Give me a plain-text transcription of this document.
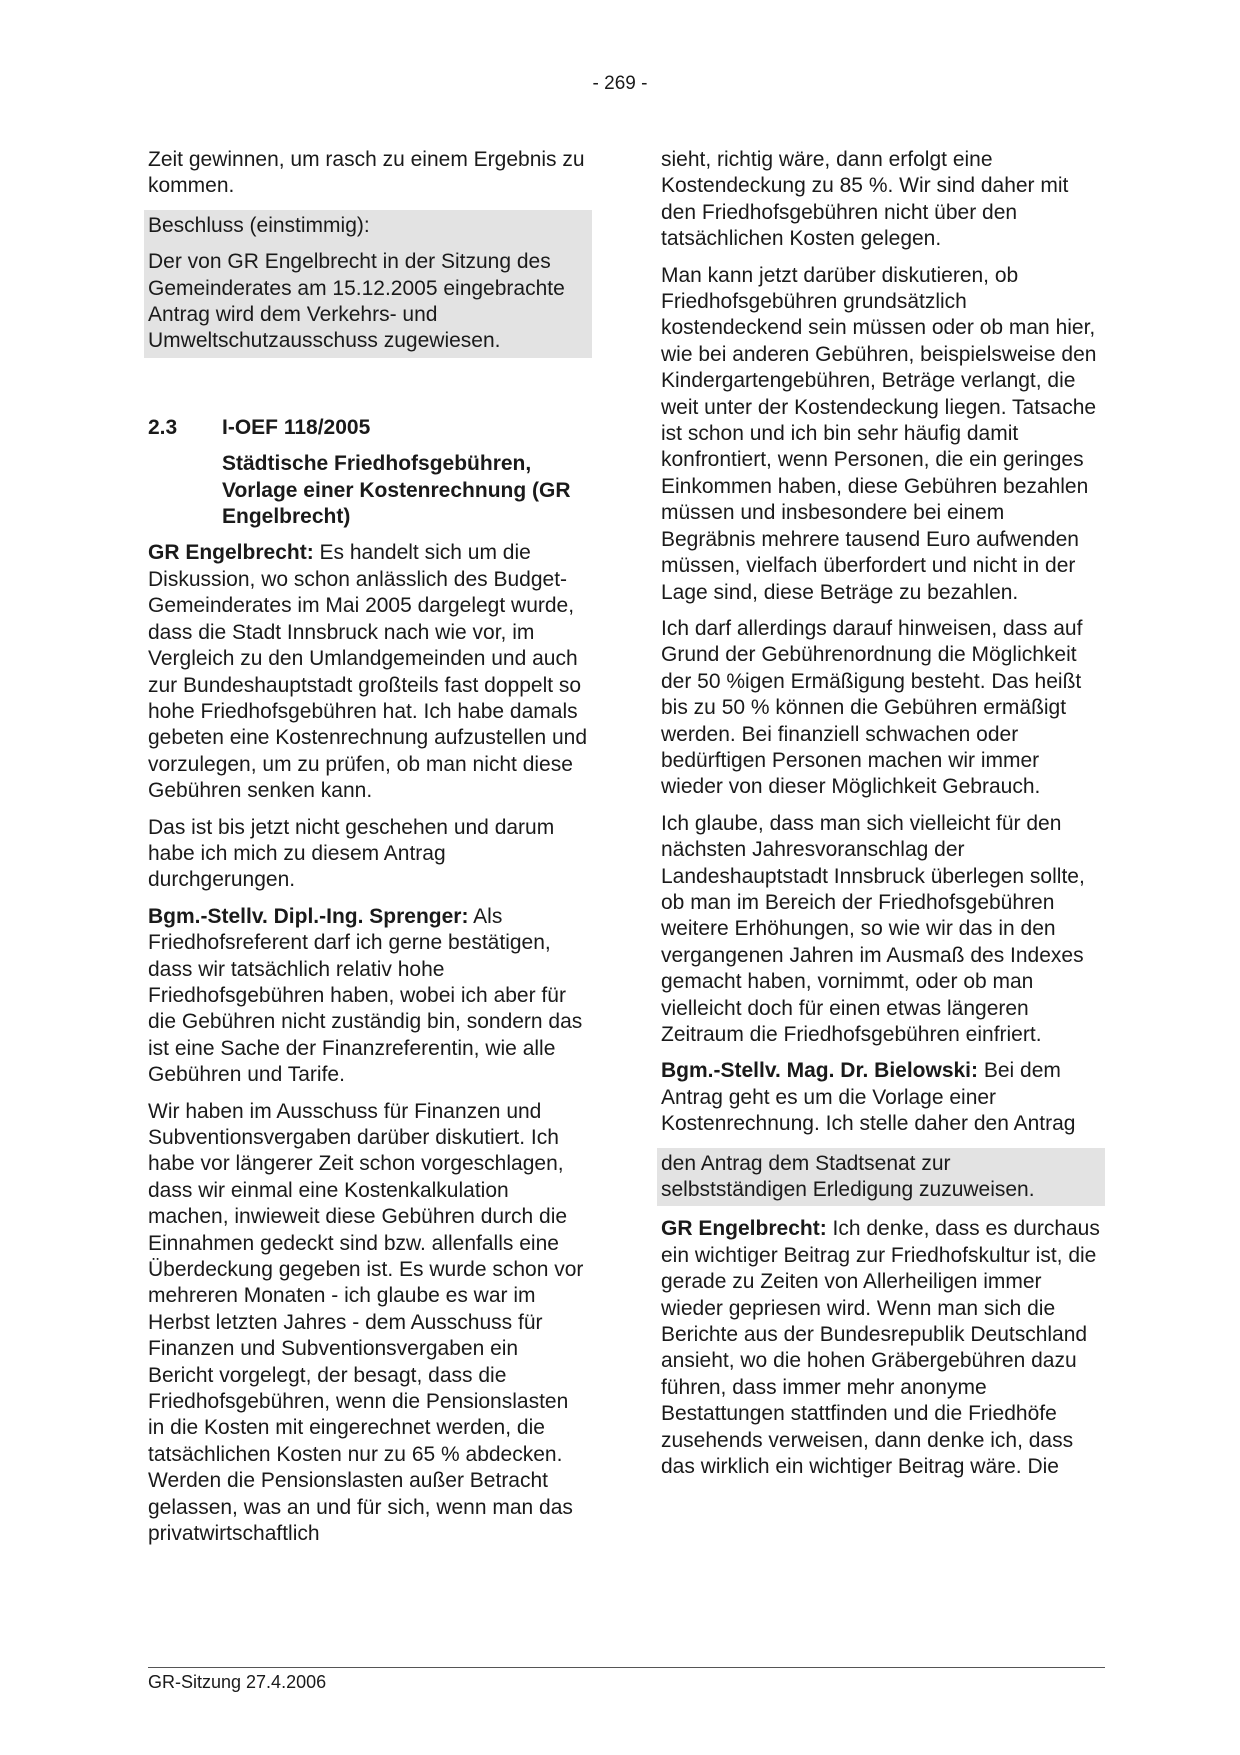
- 269 -

Zeit gewinnen, um rasch zu einem Ergebnis zu kommen.

Beschluss (einstimmig):

Der von GR Engelbrecht in der Sitzung des Gemeinderates am 15.12.2005 eingebrachte Antrag wird dem Verkehrs- und Umweltschutzausschuss zugewiesen.

2.3	I-OEF 118/2005
Städtische Friedhofsgebühren, Vorlage einer Kostenrechnung (GR Engelbrecht)

GR Engelbrecht: Es handelt sich um die Diskussion, wo schon anlässlich des Budget-Gemeinderates im Mai 2005 dargelegt wurde, dass die Stadt Innsbruck nach wie vor, im Vergleich zu den Umlandgemeinden und auch zur Bundeshauptstadt großteils fast doppelt so hohe Friedhofsgebühren hat. Ich habe damals gebeten eine Kostenrechnung aufzustellen und vorzulegen, um zu prüfen, ob man nicht diese Gebühren senken kann.

Das ist bis jetzt nicht geschehen und darum habe ich mich zu diesem Antrag durchgerungen.

Bgm.-Stellv. Dipl.-Ing. Sprenger: Als Friedhofsreferent darf ich gerne bestätigen, dass wir tatsächlich relativ hohe Friedhofsgebühren haben, wobei ich aber für die Gebühren nicht zuständig bin, sondern das ist eine Sache der Finanzreferentin, wie alle Gebühren und Tarife.

Wir haben im Ausschuss für Finanzen und Subventionsvergaben darüber diskutiert. Ich habe vor längerer Zeit schon vorgeschlagen, dass wir einmal eine Kostenkalkulation machen, inwieweit diese Gebühren durch die Einnahmen gedeckt sind bzw. allenfalls eine Überdeckung gegeben ist. Es wurde schon vor mehreren Monaten - ich glaube es war im Herbst letzten Jahres - dem Ausschuss für Finanzen und Subventionsvergaben ein Bericht vorgelegt, der besagt, dass die Friedhofsgebühren, wenn die Pensionslasten in die Kosten mit eingerechnet werden, die tatsächlichen Kosten nur zu 65 % abdecken. Werden die Pensionslasten außer Betracht gelassen, was an und für sich, wenn man das privatwirtschaftlich

sieht, richtig wäre, dann erfolgt eine Kostendeckung zu 85 %. Wir sind daher mit den Friedhofsgebühren nicht über den tatsächlichen Kosten gelegen.

Man kann jetzt darüber diskutieren, ob Friedhofsgebühren grundsätzlich kostendeckend sein müssen oder ob man hier, wie bei anderen Gebühren, beispielsweise den Kindergartengebühren, Beträge verlangt, die weit unter der Kostendeckung liegen. Tatsache ist schon und ich bin sehr häufig damit konfrontiert, wenn Personen, die ein geringes Einkommen haben, diese Gebühren bezahlen müssen und insbesondere bei einem Begräbnis mehrere tausend Euro aufwenden müssen, vielfach überfordert und nicht in der Lage sind, diese Beträge zu bezahlen.

Ich darf allerdings darauf hinweisen, dass auf Grund der Gebührenordnung die Möglichkeit der 50 %igen Ermäßigung besteht. Das heißt bis zu 50 % können die Gebühren ermäßigt werden. Bei finanziell schwachen oder bedürftigen Personen machen wir immer wieder von dieser Möglichkeit Gebrauch.

Ich glaube, dass man sich vielleicht für den nächsten Jahresvoranschlag der Landeshauptstadt Innsbruck überlegen sollte, ob man im Bereich der Friedhofsgebühren weitere Erhöhungen, so wie wir das in den vergangenen Jahren im Ausmaß des Indexes gemacht haben, vornimmt, oder ob man vielleicht doch für einen etwas längeren Zeitraum die Friedhofsgebühren einfriert.

Bgm.-Stellv. Mag. Dr. Bielowski: Bei dem Antrag geht es um die Vorlage einer Kostenrechnung. Ich stelle daher den Antrag

den Antrag dem Stadtsenat zur selbstständigen Erledigung zuzuweisen.

GR Engelbrecht: Ich denke, dass es durchaus ein wichtiger Beitrag zur Friedhofskultur ist, die gerade zu Zeiten von Allerheiligen immer wieder gepriesen wird. Wenn man sich die Berichte aus der Bundesrepublik Deutschland ansieht, wo die hohen Gräbergebühren dazu führen, dass immer mehr anonyme Bestattungen stattfinden und die Friedhöfe zusehends verweisen, dann denke ich, dass das wirklich ein wichtiger Beitrag wäre. Die

GR-Sitzung 27.4.2006
